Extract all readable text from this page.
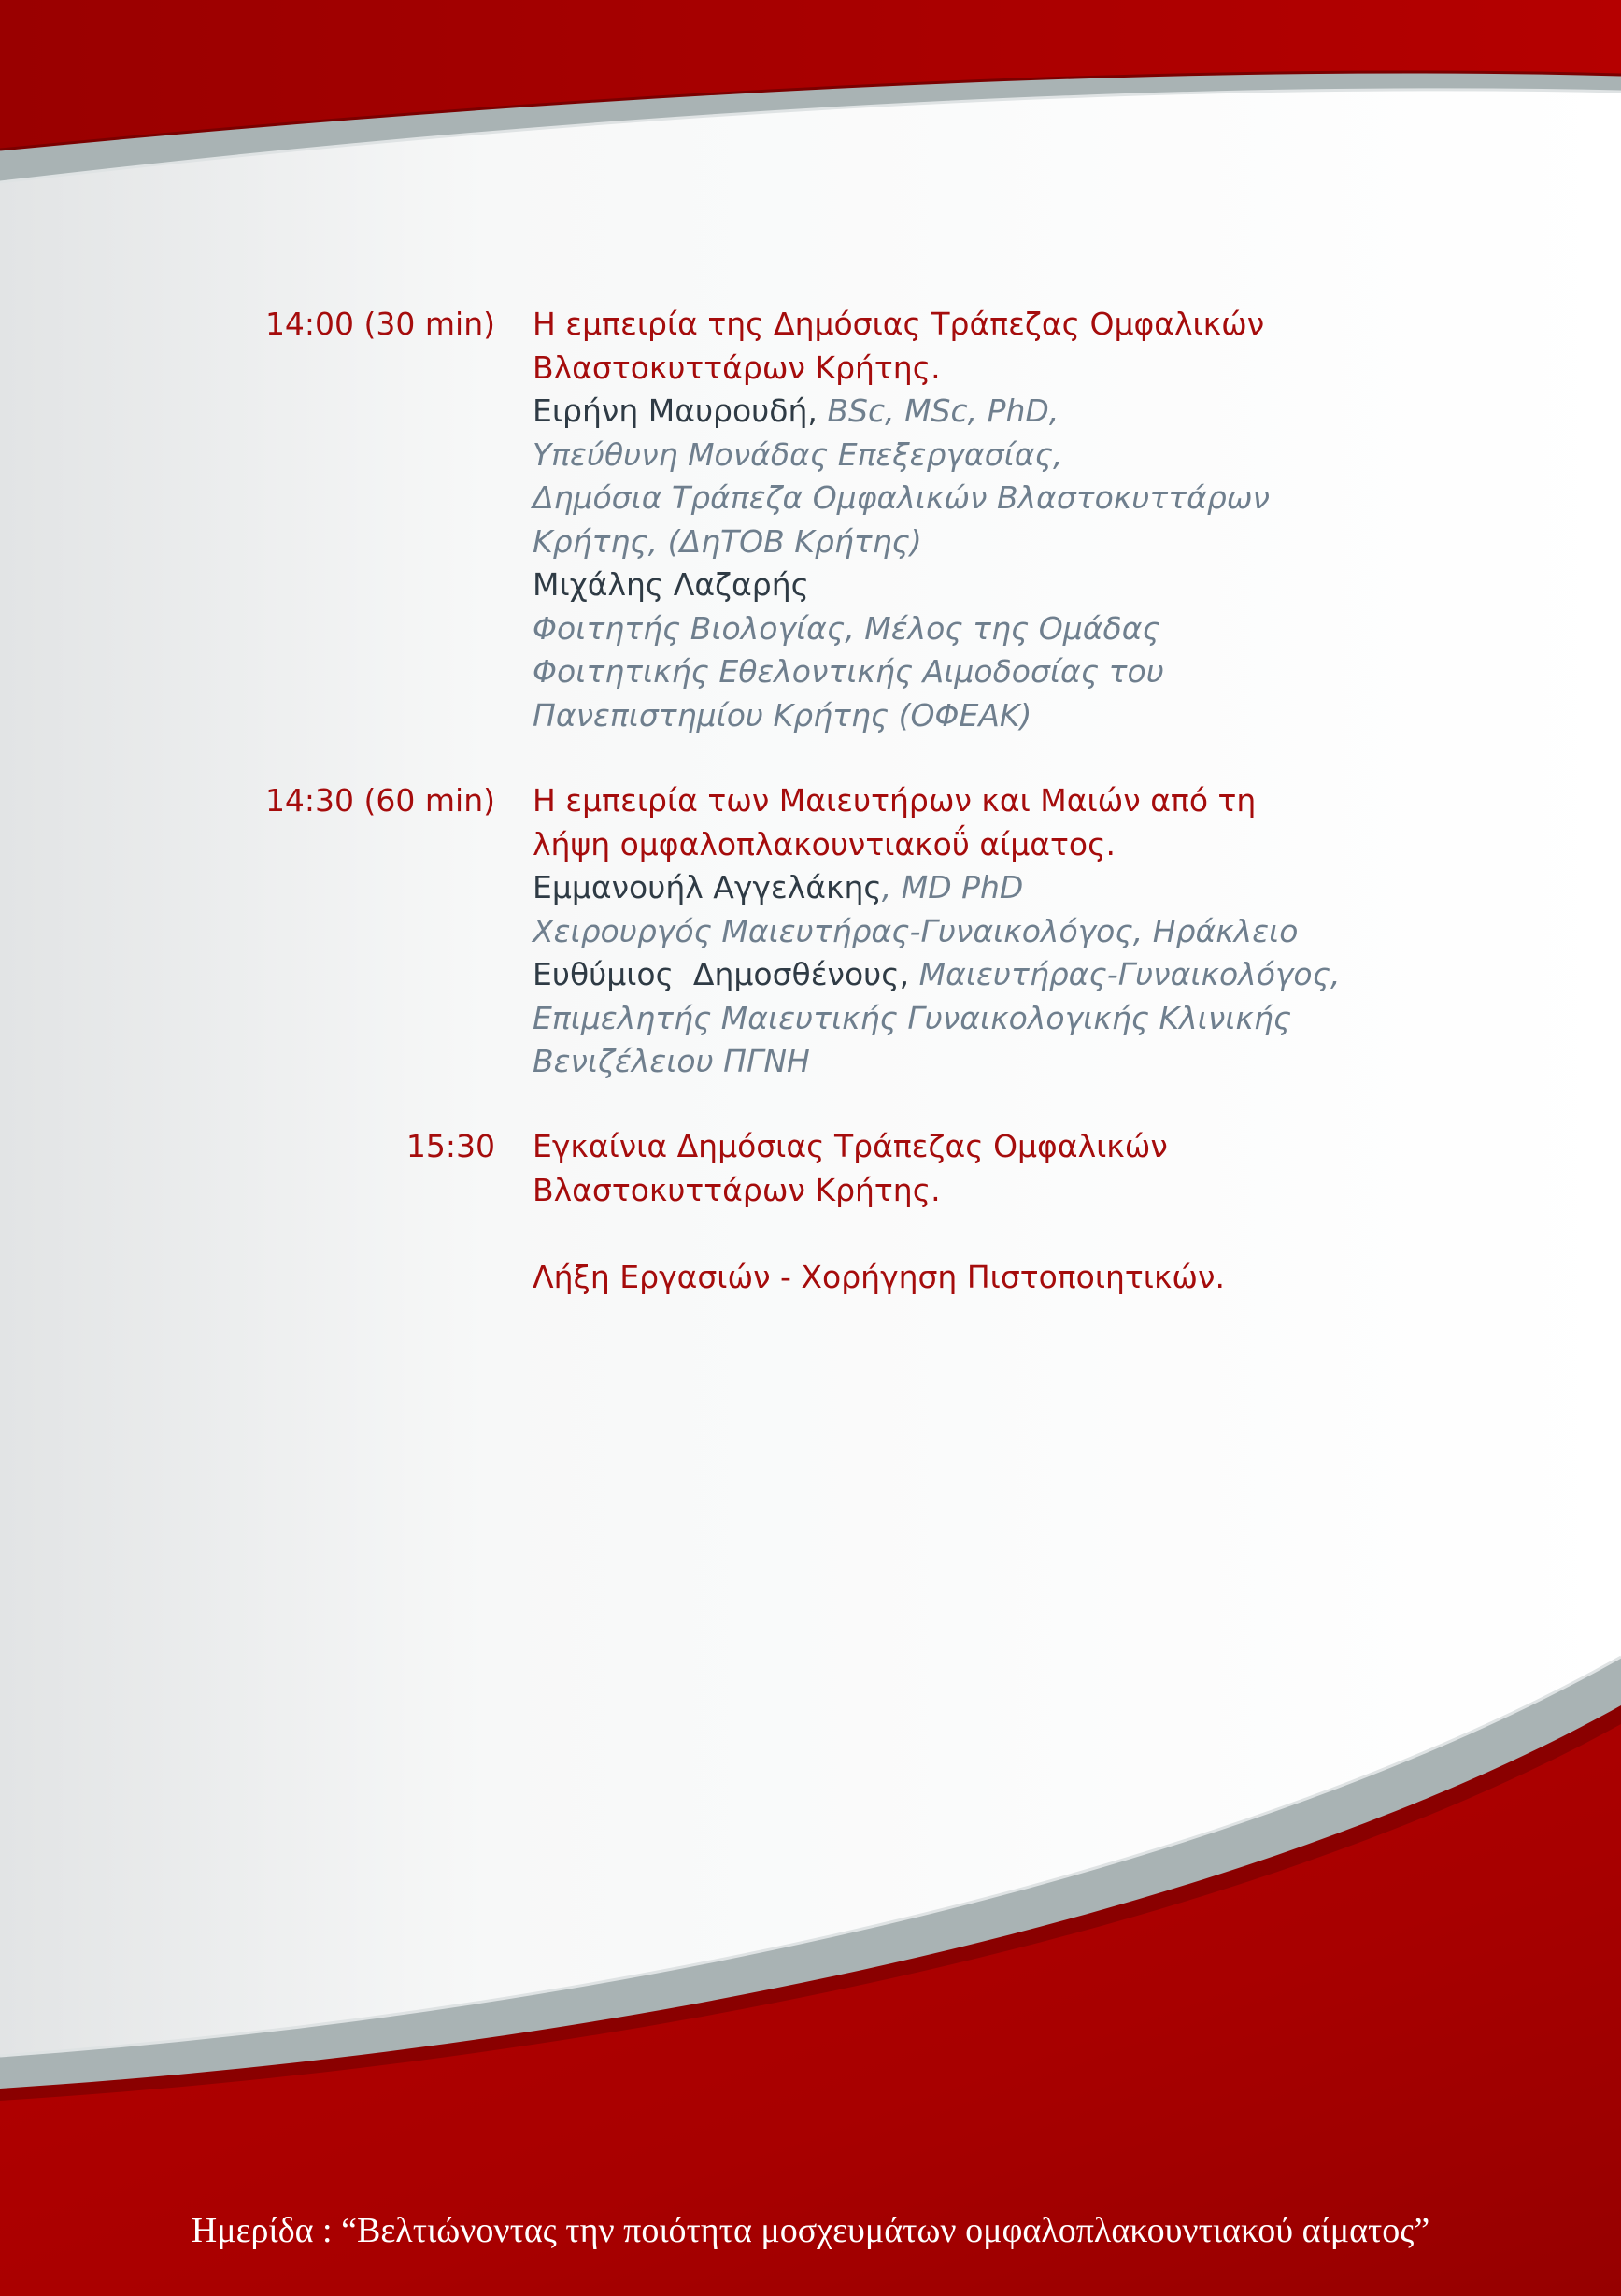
14:00 (30 min) Η εμπειρία της Δημόσιας Τράπεζας Ομφαλικών

Βλαστοκυττάρων Κρήτης.

Ειρήνη Μαυρουδή, BSc, MSc, PhD,

Υπεύθυνη Μονάδας Επεξεργασίας,

Δημόσια Τράπεζα Ομφαλικών Βλαστοκυττάρων

Κρήτης, (ΔηΤΟΒ Κρήτης)

Μιχάλης Λαζαρής

Φοιτητής Βιολογίας, Μέλος της Ομάδας

Φοιτητικής Εθελοντικής Αιμοδοσίας του

Πανεπιστημίου Κρήτης (ΟΦΕΑΚ)

14:30 (60 min) Η εμπειρία των Μαιευτήρων και Μαιών από τη

λήψη ομφαλοπλακουντιακοΰ αίματος.

Εμμανουήλ Αγγελάκης, MD PhD

Χειρουργός Μαιευτήρας-Γυναικολόγος, Ηράκλειο

Ευθύμιος  Δημοσθένους, Μαιευτήρας-Γυναικολόγος,

Επιμελητής Μαιευτικής Γυναικολογικής Κλινικής

Βενιζέλειου ΠΓΝΗ

15:30 Εγκαίνια Δημόσιας Τράπεζας Ομφαλικών

Βλαστοκυττάρων Κρήτης.

Λήξη Εργασιών - Χορήγηση Πιστοποιητικών.

Ημερίδα : “Βελτιώνοντας την ποιότητα μοσχευμάτων ομφαλοπλακουντιακού αίματος”
